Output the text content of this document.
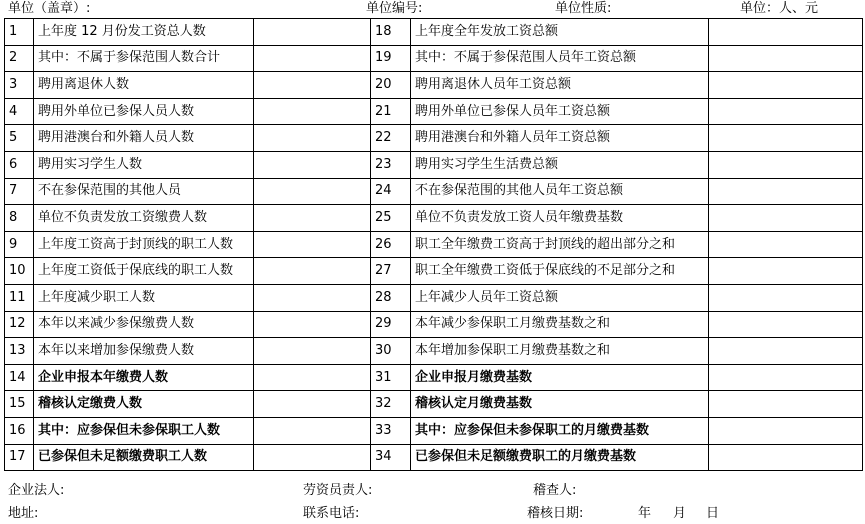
单位（盖章）:	单位编号:	单位性质:	单位：人、元
1	上年度 12 月份发工资总人数		18	上年度全年发放工资总额	
2	其中：不属于参保范围人数合计		19	其中：不属于参保范围人员年工资总额	
3	聘用离退休人数		20	聘用离退休人员年工资总额	
4	聘用外单位已参保人员人数		21	聘用外单位已参保人员年工资总额	
5	聘用港澳台和外籍人员人数		22	聘用港澳台和外籍人员年工资总额	
6	聘用实习学生人数		23	聘用实习学生生活费总额	
7	不在参保范围的其他人员		24	不在参保范围的其他人员年工资总额	
8	单位不负责发放工资缴费人数		25	单位不负责发放工资人员年缴费基数	
9	上年度工资高于封顶线的职工人数		26	职工全年缴费工资高于封顶线的超出部分之和	
10	上年度工资低于保底线的职工人数		27	职工全年缴费工资低于保底线的不足部分之和	
11	上年度减少职工人数		28	上年减少人员年工资总额	
12	本年以来减少参保缴费人数		29	本年减少参保职工月缴费基数之和	
13	本年以来增加参保缴费人数		30	本年增加参保职工月缴费基数之和	
14	企业申报本年缴费人数		31	企业申报月缴费基数	
15	稽核认定缴费人数		32	稽核认定月缴费基数	
16	其中：应参保但未参保职工人数		33	其中：应参保但未参保职工的月缴费基数	
17	已参保但未足额缴费职工人数		34	已参保但未足额缴费职工的月缴费基数	
企业法人:	劳资员责人:	稽查人:
地址:	联系电话:	稽核日期:	年 月 日
